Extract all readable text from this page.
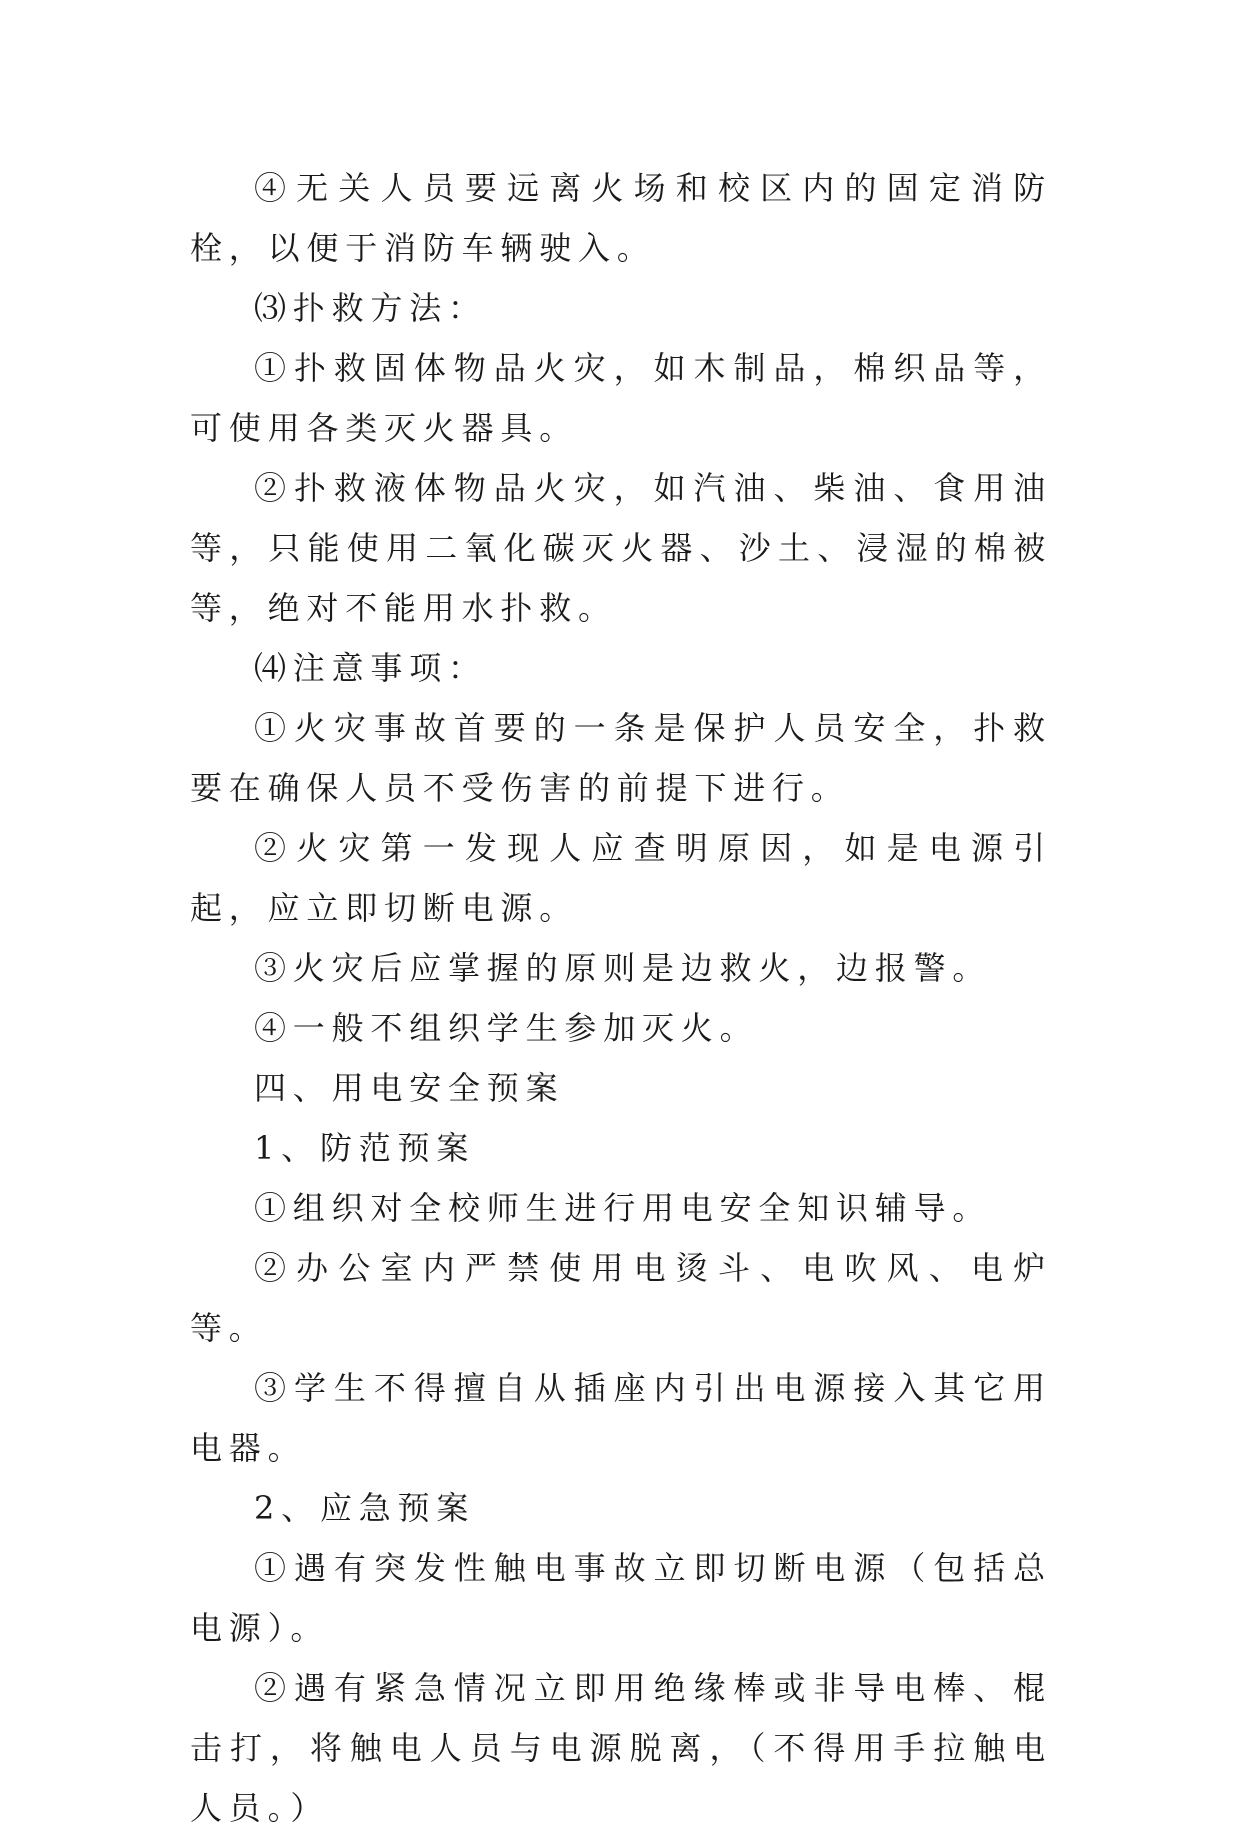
④无关人员要远离火场和校区内的固定消防栓，以便于消防车辆驶入。

⑶扑救方法：

①扑救固体物品火灾，如木制品，棉织品等，可使用各类灭火器具。

②扑救液体物品火灾，如汽油、柴油、食用油等，只能使用二氧化碳灭火器、沙土、浸湿的棉被等，绝对不能用水扑救。

⑷注意事项：

①火灾事故首要的一条是保护人员安全，扑救要在确保人员不受伤害的前提下进行。

②火灾第一发现人应查明原因，如是电源引起，应立即切断电源。

③火灾后应掌握的原则是边救火，边报警。

④一般不组织学生参加灭火。

四、用电安全预案

1、防范预案

①组织对全校师生进行用电安全知识辅导。

②办公室内严禁使用电烫斗、电吹风、电炉等。

③学生不得擅自从插座内引出电源接入其它用电器。

2、应急预案

①遇有突发性触电事故立即切断电源（包括总电源）。

②遇有紧急情况立即用绝缘棒或非导电棒、棍击打，将触电人员与电源脱离，（不得用手拉触电人员。）
